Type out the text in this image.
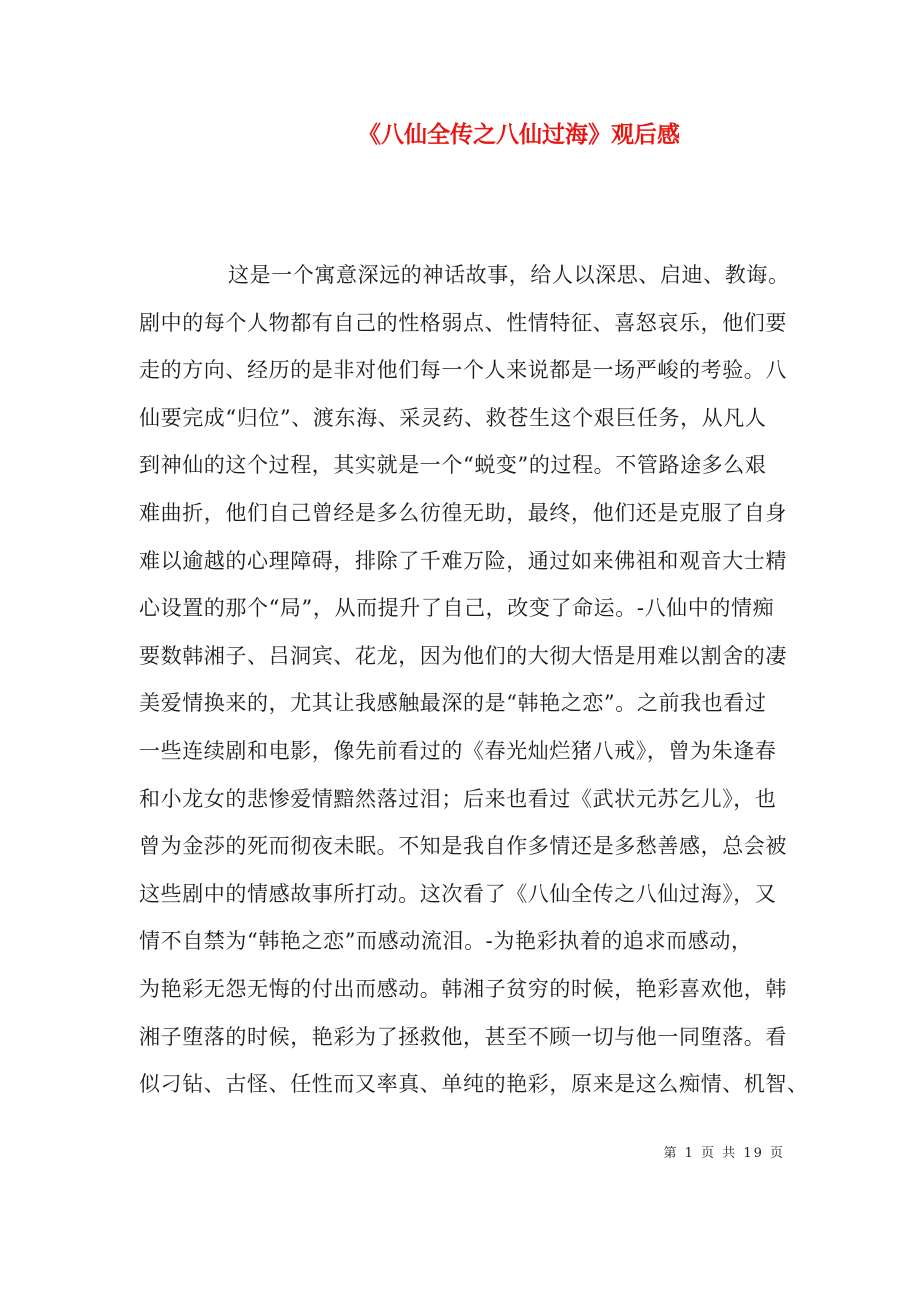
《八仙全传之八仙过海》观后感
这是一个寓意深远的神话故事，给人以深思、启迪、教诲。
剧中的每个人物都有自己的性格弱点、性情特征、喜怒哀乐，他们要
走的方向、经历的是非对他们每一个人来说都是一场严峻的考验。八
仙要完成“归位”、渡东海、采灵药、救苍生这个艰巨任务，从凡人
到神仙的这个过程，其实就是一个“蜕变”的过程。不管路途多么艰
难曲折，他们自己曾经是多么彷徨无助，最终，他们还是克服了自身
难以逾越的心理障碍，排除了千难万险，通过如来佛祖和观音大士精
心设置的那个“局”，从而提升了自己，改变了命运。-八仙中的情痴
要数韩湘子、吕洞宾、花龙，因为他们的大彻大悟是用难以割舍的凄
美爱情换来的，尤其让我感触最深的是“韩艳之恋”。之前我也看过
一些连续剧和电影，像先前看过的《春光灿烂猪八戒》，曾为朱逢春
和小龙女的悲惨爱情黯然落过泪；后来也看过《武状元苏乞儿》，也
曾为金莎的死而彻夜未眠。不知是我自作多情还是多愁善感，总会被
这些剧中的情感故事所打动。这次看了《八仙全传之八仙过海》，又
情不自禁为“韩艳之恋”而感动流泪。-为艳彩执着的追求而感动，
为艳彩无怨无悔的付出而感动。韩湘子贫穷的时候，艳彩喜欢他，韩
湘子堕落的时候，艳彩为了拯救他，甚至不顾一切与他一同堕落。看
似刁钻、古怪、任性而又率真、单纯的艳彩，原来是这么痴情、机智、
第 1 页 共 19 页
